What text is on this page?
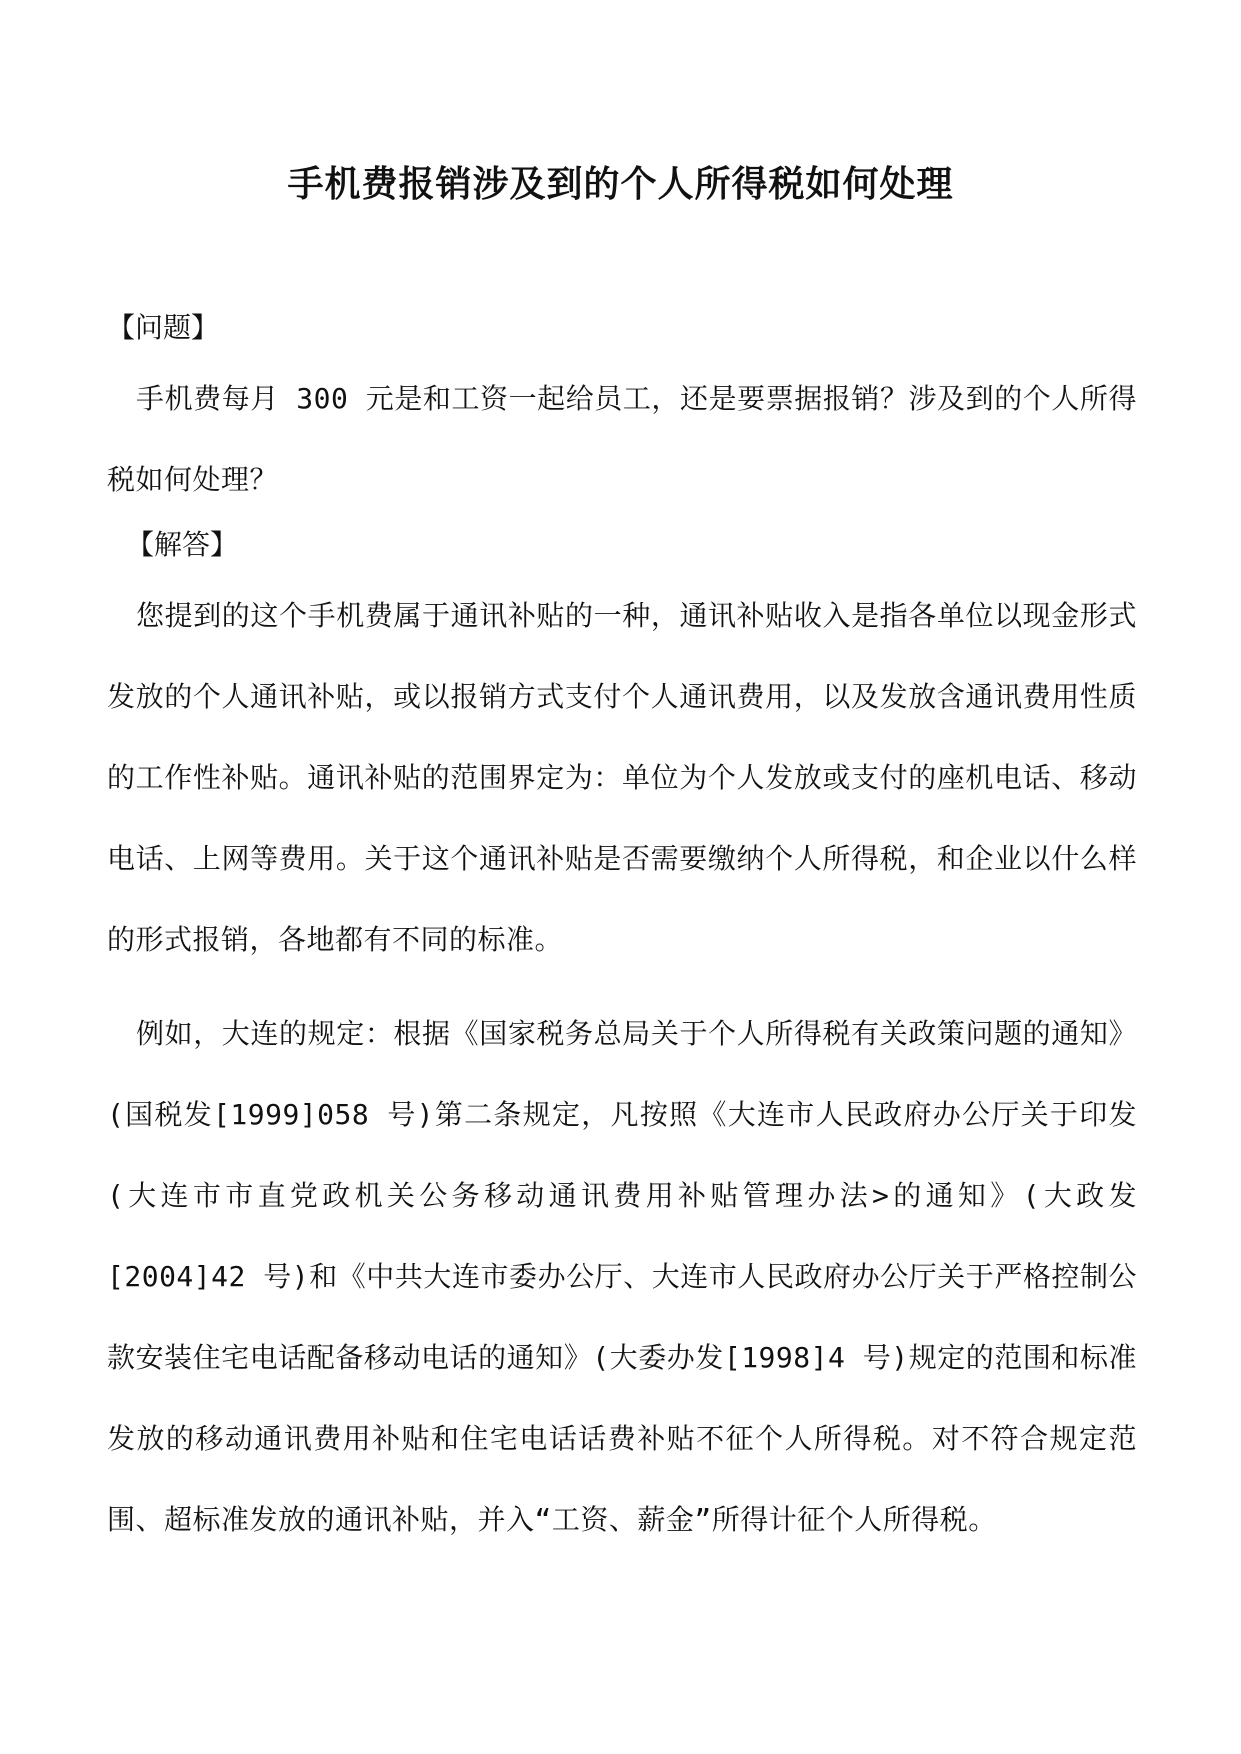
手机费报销涉及到的个人所得税如何处理

【问题】

手机费每月 300 元是和工资一起给员工，还是要票据报销？涉及到的个人所得税如何处理？

【解答】

您提到的这个手机费属于通讯补贴的一种，通讯补贴收入是指各单位以现金形式发放的个人通讯补贴，或以报销方式支付个人通讯费用，以及发放含通讯费用性质的工作性补贴。通讯补贴的范围界定为：单位为个人发放或支付的座机电话、移动电话、上网等费用。关于这个通讯补贴是否需要缴纳个人所得税，和企业以什么样的形式报销，各地都有不同的标准。

例如，大连的规定：根据《国家税务总局关于个人所得税有关政策问题的通知》(国税发[1999]058 号)第二条规定，凡按照《大连市人民政府办公厅关于印发(大连市市直党政机关公务移动通讯费用补贴管理办法>的通知》(大政发[2004]42 号)和《中共大连市委办公厅、大连市人民政府办公厅关于严格控制公款安装住宅电话配备移动电话的通知》(大委办发[1998]4 号)规定的范围和标准发放的移动通讯费用补贴和住宅电话话费补贴不征个人所得税。对不符合规定范围、超标准发放的通讯补贴，并入“工资、薪金”所得计征个人所得税。
